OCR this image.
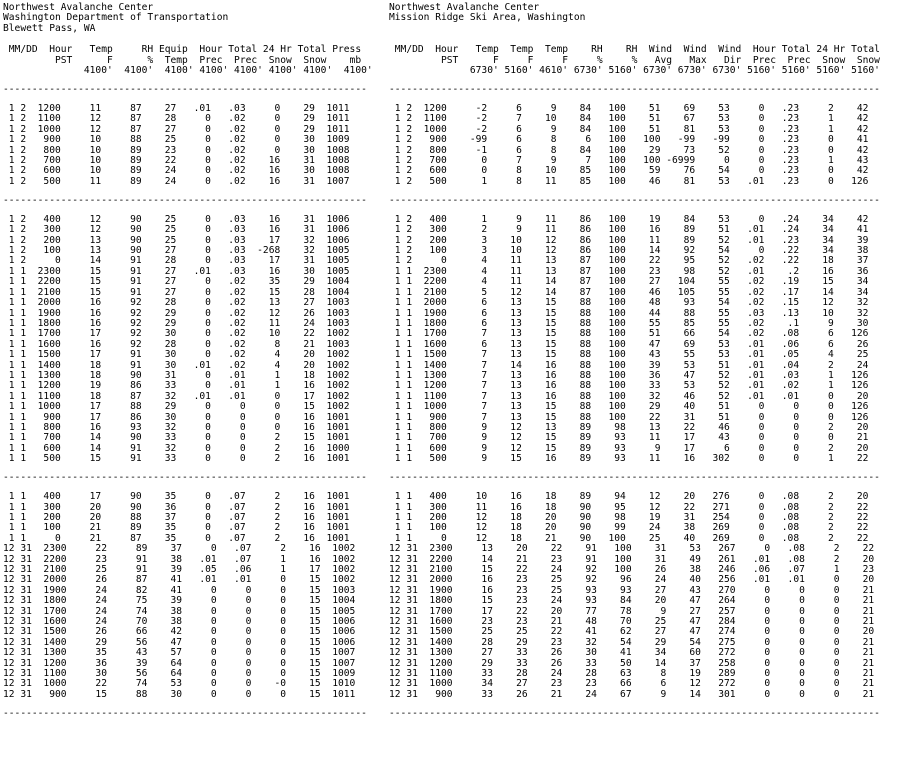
Northwest Avalanche Center
Washington Department of Transportation
Blewett Pass, WA
MM/DD  Hour   Temp     RH Equip  Hour Total 24 Hr Total Press
PST      F      %  Temp  Prec  Prec  Snow  Snow    mb
4100'  4100'  4100' 4100' 4100' 4100' 4100'  4100'
---------------------------------------------------------------
1 2  1200     11     87    27   .01   .03     0    29  1011
1 2  1100     12     87    28     0   .02     0    29  1011
1 2  1000     12     87    27     0   .02     0    29  1011
1 2   900     10     88    25     0   .02     0    30  1009
1 2   800     10     89    23     0   .02     0    30  1008
1 2   700     10     89    22     0   .02    16    31  1008
1 2   600     10     89    24     0   .02    16    30  1008
1 2   500     11     89    24     0   .02    16    31  1007
---------------------------------------------------------------
1 2   400     12     90    25     0   .03    16    31  1006
1 2   300     12     90    25     0   .03    16    31  1006
1 2   200     13     90    25     0   .03    17    32  1006
1 2   100     13     90    27     0   .03  -268    32  1005
1 2     0     14     91    28     0   .03    17    31  1005
1 1  2300     15     91    27   .01   .03    16    30  1005
1 1  2200     15     91    27     0   .02    35    29  1004
1 1  2100     15     91    27     0   .02    15    28  1004
1 1  2000     16     92    28     0   .02    13    27  1003
1 1  1900     16     92    29     0   .02    12    26  1003
1 1  1800     16     92    29     0   .02    11    24  1003
1 1  1700     17     92    30     0   .02    10    22  1002
1 1  1600     16     92    28     0   .02     8    21  1003
1 1  1500     17     91    30     0   .02     4    20  1002
1 1  1400     18     91    30   .01   .02     4    20  1002
1 1  1300     18     90    31     0   .01     1    18  1002
1 1  1200     19     86    33     0   .01     1    16  1002
1 1  1100     18     87    32   .01   .01     0    17  1002
1 1  1000     17     88    29     0     0     0    15  1002
1 1   900     17     86    30     0     0     0    16  1001
1 1   800     16     93    32     0     0     0    16  1001
1 1   700     14     90    33     0     0     2    15  1001
1 1   600     14     91    32     0     0     2    16  1000
1 1   500     15     91    33     0     0     2    16  1001
---------------------------------------------------------------
1 1   400     17     90    35     0   .07     2    16  1001
1 1   300     20     90    36     0   .07     2    16  1001
1 1   200     20     88    37     0   .07     2    16  1001
1 1   100     21     89    35     0   .07     2    16  1001
1 1     0     21     87    35     0   .07     2    16  1001
12 31  2300     22     89    37     0   .07     2    16  1002
12 31  2200     23     91    38   .01   .07     1    16  1002
12 31  2100     25     91    39   .05   .06     1    17  1002
12 31  2000     26     87    41   .01   .01     0    15  1002
12 31  1900     24     82    41     0     0     0    15  1003
12 31  1800     24     75    39     0     0     0    15  1004
12 31  1700     24     74    38     0     0     0    15  1005
12 31  1600     24     70    38     0     0     0    15  1006
12 31  1500     26     66    42     0     0     0    15  1006
12 31  1400     29     56    47     0     0     0    15  1006
12 31  1300     35     43    57     0     0     0    15  1007
12 31  1200     36     39    64     0     0     0    15  1007
12 31  1100     30     56    64     0     0     0    15  1009
12 31  1000     22     74    53     0     0    -0    15  1010
12 31   900     15     88    30     0     0     0    15  1011
---------------------------------------------------------------
Northwest Avalanche Center
Mission Ridge Ski Area, Washington
MM/DD  Hour   Temp  Temp  Temp    RH    RH  Wind  Wind  Wind  Hour Total 24 Hr Total
PST      F     F     F     %     %   Avg   Max   Dir  Prec  Prec  Snow  Snow
6730' 5160' 4610' 6730' 5160' 6730' 6730' 6730' 5160' 5160' 5160' 5160'
-------------------------------------------------------------------------------------
1 2  1200     -2     6     9    84   100    51    69    53     0   .23     2    42
1 2  1100     -2     7    10    84   100    51    67    53     0   .23     1    42
1 2  1000     -2     6     9    84   100    51    81    53     0   .23     1    42
1 2   900    -99     6     8     6   100   100   -99   -99     0   .23     0    41
1 2   800     -1     6     8    84   100    29    73    52     0   .23     0    42
1 2   700      0     7     9     7   100   100 -6999     0     0   .23     1    43
1 2   600      0     8    10    85   100    59    76    54     0   .23     0    42
1 2   500      1     8    11    85   100    46    81    53   .01   .23     0   126
-------------------------------------------------------------------------------------
1 2   400      1     9    11    86   100    19    84    53     0   .24    34    42
1 2   300      2     9    11    86   100    16    89    51   .01   .24    34    41
1 2   200      3    10    12    86   100    11    89    52   .01   .23    34    39
1 2   100      3    10    12    86   100    14    92    54     0   .22    34    38
1 2     0      4    11    13    87   100    22    95    52   .02   .22    18    37
1 1  2300      4    11    13    87   100    23    98    52   .01    .2    16    36
1 1  2200      4    11    14    87   100    27   104    55   .02   .19    15    34
1 1  2100      5    12    14    87   100    46   105    55   .02   .17    14    34
1 1  2000      6    13    15    88   100    48    93    54   .02   .15    12    32
1 1  1900      6    13    15    88   100    44    88    55   .03   .13    10    32
1 1  1800      6    13    15    88   100    55    85    55   .02    .1     9    30
1 1  1700      7    13    15    88   100    51    66    54   .02   .08     6   126
1 1  1600      6    13    15    88   100    47    69    53   .01   .06     6    26
1 1  1500      7    13    15    88   100    43    55    53   .01   .05     4    25
1 1  1400      7    14    16    88   100    39    53    51   .01   .04     2    24
1 1  1300      7    13    16    88   100    36    47    52   .01   .03     1   126
1 1  1200      7    13    16    88   100    33    53    52   .01   .02     1   126
1 1  1100      7    13    16    88   100    32    46    52   .01   .01     0    20
1 1  1000      7    13    15    88   100    29    40    51     0     0     0   126
1 1   900      7    13    15    88   100    22    31    51     0     0     0   126
1 1   800      9    12    13    89    98    13    22    46     0     0     2    20
1 1   700      9    12    15    89    93    11    17    43     0     0     0    21
1 1   600      9    12    15    89    93     9    17     6     0     0     2    20
1 1   500      9    15    16    89    93    11    16   302     0     0     1    22
-------------------------------------------------------------------------------------
1 1   400     10    16    18    89    94    12    20   276     0   .08     2    20
1 1   300     11    16    18    90    95    12    22   271     0   .08     2    22
1 1   200     12    18    20    90    98    19    31   254     0   .08     2    22
1 1   100     12    18    20    90    99    24    38   269     0   .08     2    22
1 1     0     12    18    21    90   100    25    40   269     0   .08     2    22
12 31  2300     13    20    22    91   100    31    53   267     0   .08     2    22
12 31  2200     14    21    23    91   100    31    49   261   .01   .08     2    20
12 31  2100     15    22    24    92   100    26    38   246   .06   .07     1    23
12 31  2000     16    23    25    92    96    24    40   256   .01   .01     0    20
12 31  1900     16    23    25    93    93    27    43   270     0     0     0    21
12 31  1800     15    23    24    93    84    20    47   264     0     0     0    21
12 31  1700     17    22    20    77    78     9    27   257     0     0     0    21
12 31  1600     23    23    21    48    70    25    47   284     0     0     0    21
12 31  1500     25    25    22    41    62    27    47   274     0     0     0    20
12 31  1400     28    29    23    32    54    29    54   275     0     0     0    21
12 31  1300     27    33    26    30    41    34    60   272     0     0     0    21
12 31  1200     29    33    26    33    50    14    37   258     0     0     0    21
12 31  1100     33    28    24    28    63     8    19   289     0     0     0    21
12 31  1000     34    27    23    23    66     6    12   272     0     0     0    21
12 31   900     33    26    21    24    67     9    14   301     0     0     0    21
-------------------------------------------------------------------------------------
